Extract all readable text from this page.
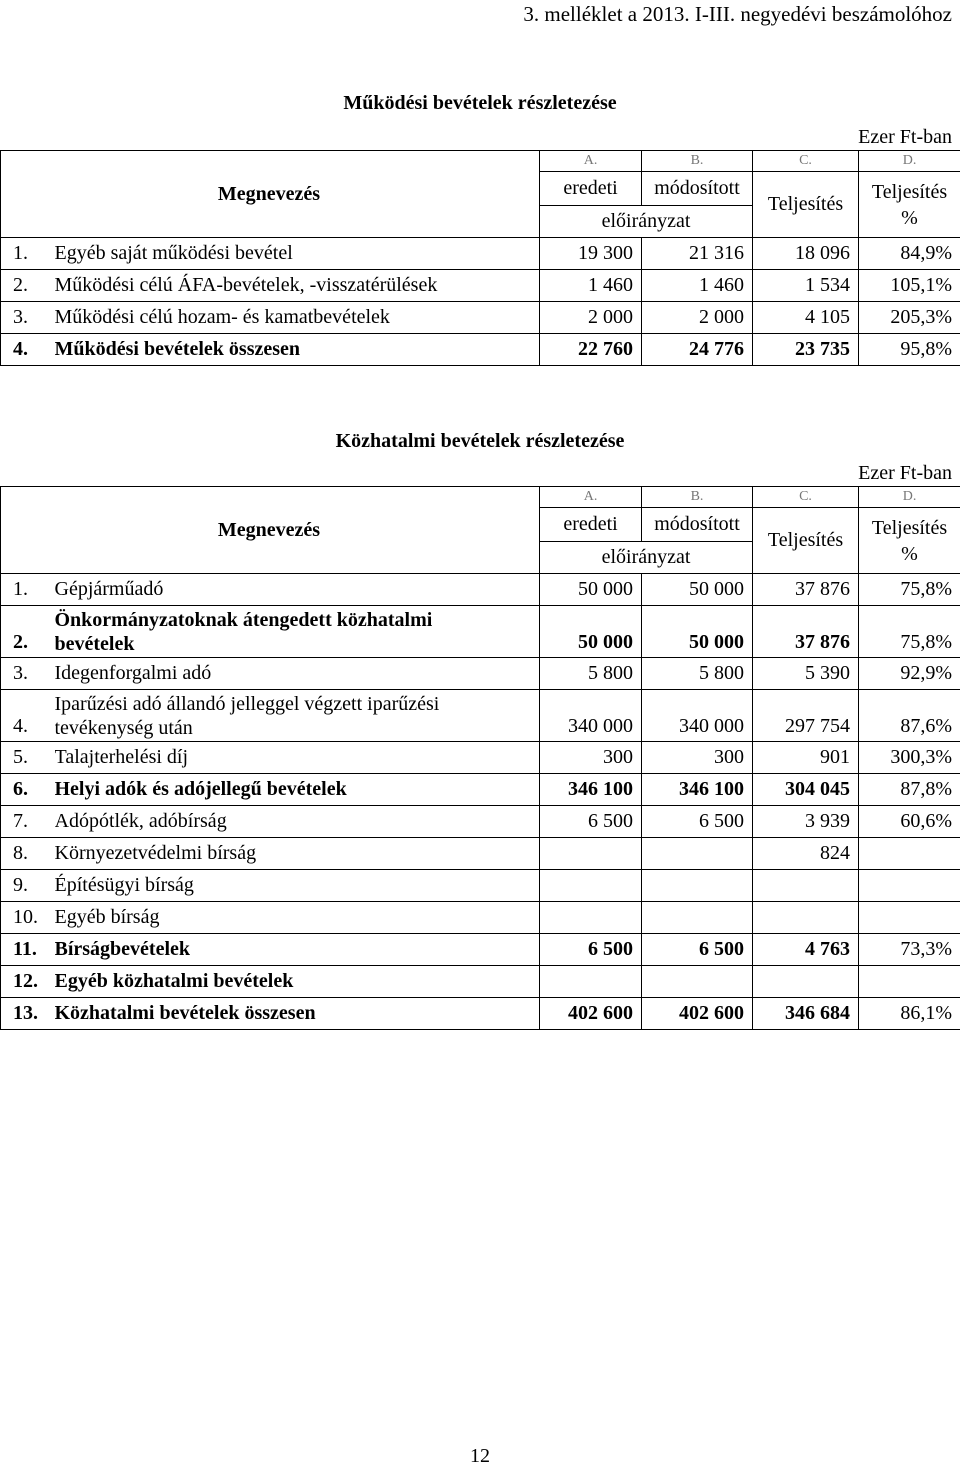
3. melléklet a 2013. I-III. negyedévi beszámolóhoz
Működési bevételek részletezése
Ezer Ft-ban
Megnevezés		A.	B.	C.	D.
		eredeti	módosított	Teljesítés	Teljesítés
%

		előirányzat			
1.	Egyéb saját működési bevétel	19 300	21 316	18 096	84,9%
2.	Működési célú ÁFA-bevételek, -visszatérülések	1 460	1 460	1 534	105,1%
3.	Működési célú hozam- és kamatbevételek	2 000	2 000	4 105	205,3%
4.	Működési bevételek összesen	22 760	24 776	23 735	95,8%
Közhatalmi bevételek részletezése
Ezer Ft-ban
Megnevezés		A.	B.	C.	D.
		eredeti	módosított	Teljesítés	Teljesítés
%

		előirányzat			
1.	Gépjárműadó	50 000	50 000	37 876	75,8%
2.	Önkormányzatoknak átengedett közhatalmi
bevételek	50 000	50 000	37 876	75,8%
3.	Idegenforgalmi adó	5 800	5 800	5 390	92,9%
4.	Iparűzési adó állandó jelleggel végzett iparűzési
tevékenység után	340 000	340 000	297 754	87,6%
5.	Talajterhelési díj	300	300	901	300,3%
6.	Helyi adók és adójellegű bevételek	346 100	346 100	304 045	87,8%
7.	Adópótlék, adóbírság	6 500	6 500	3 939	60,6%
8.	Környezetvédelmi bírság			824	
9.	Építésügyi bírság				
10.	Egyéb bírság				
11.	Bírságbevételek	6 500	6 500	4 763	73,3%
12.	Egyéb közhatalmi bevételek				
13.	Közhatalmi bevételek összesen	402 600	402 600	346 684	86,1%
12
